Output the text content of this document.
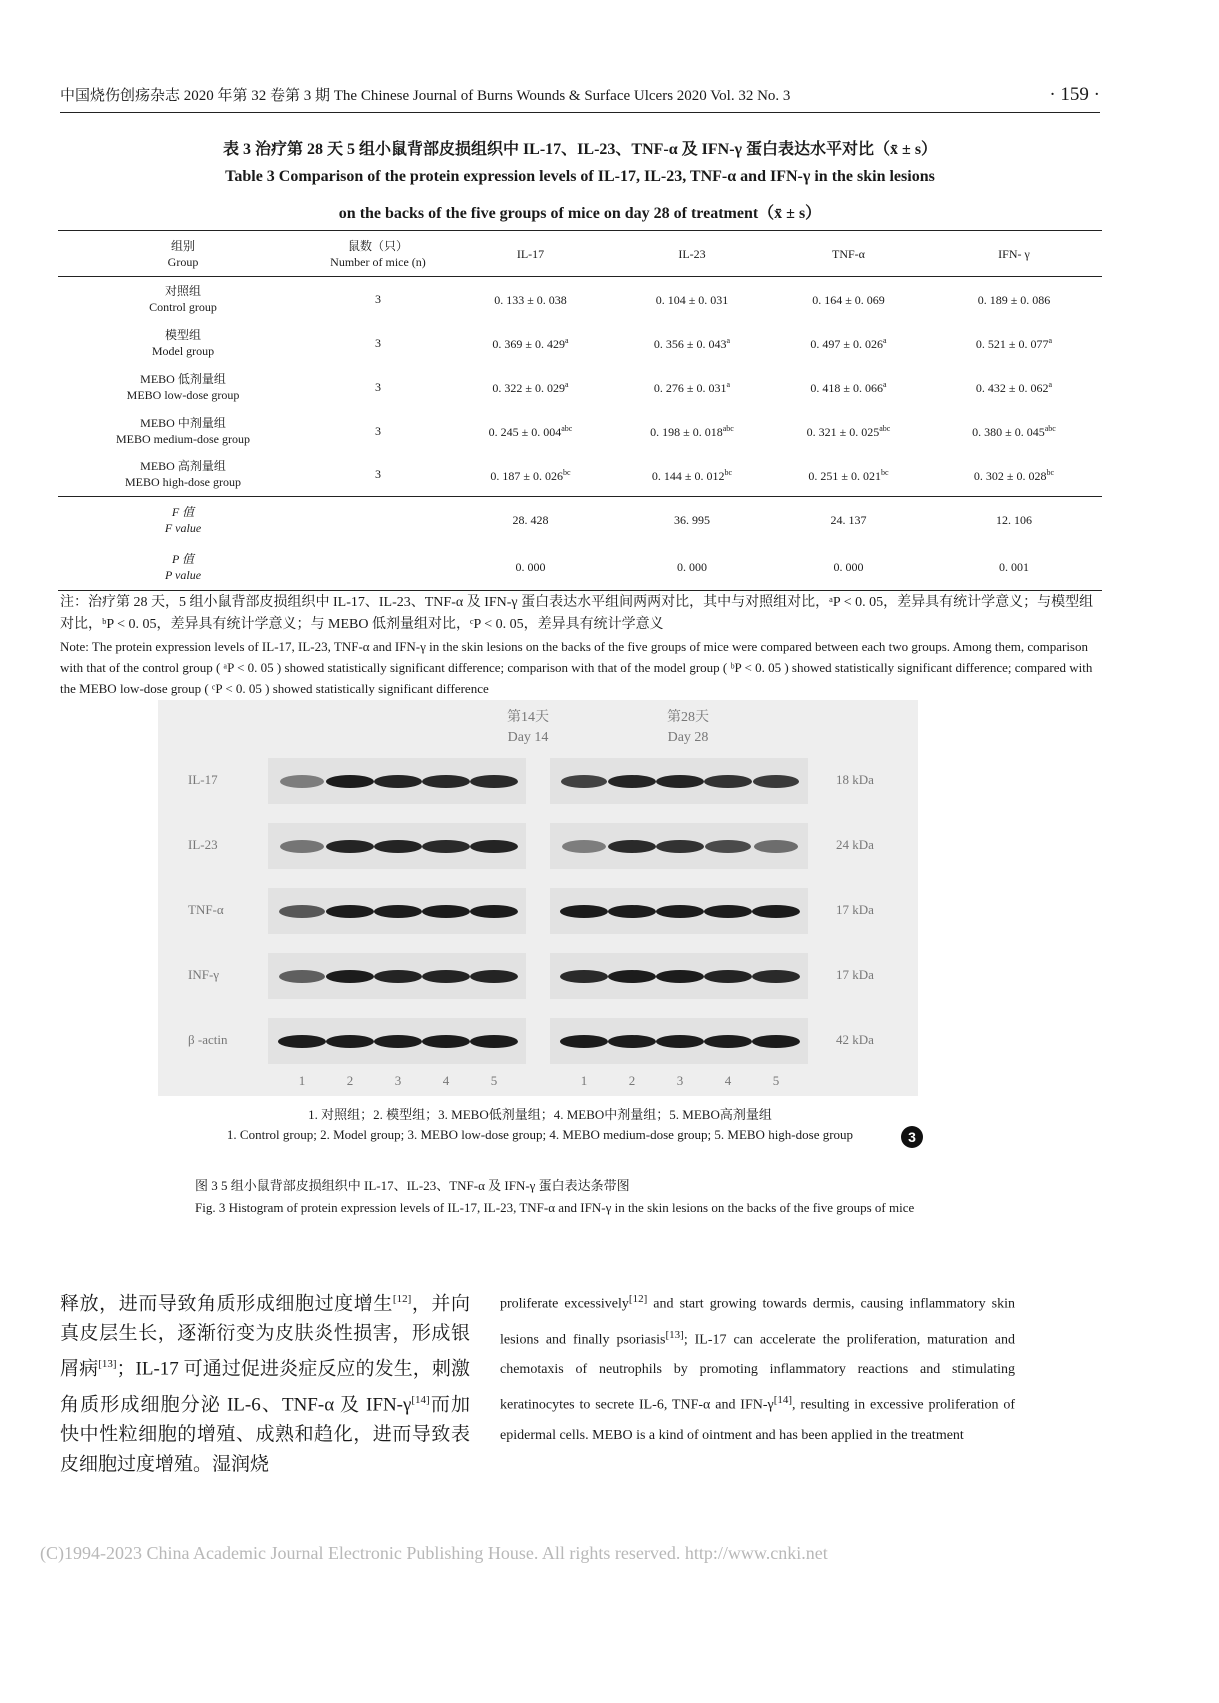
中国烧伤创疡杂志 2020 年第 32 卷第 3 期 The Chinese Journal of Burns Wounds & Surface Ulcers 2020 Vol. 32 No. 3	· 159 ·
表 3 治疗第 28 天 5 组小鼠背部皮损组织中 IL-17、IL-23、TNF-α 及 IFN-γ 蛋白表达水平对比（x̄ ± s）
Table 3 Comparison of the protein expression levels of IL-17, IL-23, TNF-α and IFN-γ in the skin lesions
on the backs of the five groups of mice on day 28 of treatment（x̄ ± s）
组别
Group	鼠数（只）
Number of mice (n)	IL-17	IL-23	TNF-α	IFN- γ
对照组
Control group	3	0. 133 ± 0. 038	0. 104 ± 0. 031	0. 164 ± 0. 069	0. 189 ± 0. 086
模型组
Model group	3	0. 369 ± 0. 429$^a$	0. 356 ± 0. 043$^a$	0. 497 ± 0. 026$^a$	0. 521 ± 0. 077$^a$
MEBO 低剂量组
MEBO low-dose group	3	0. 322 ± 0. 029$^a$	0. 276 ± 0. 031$^a$	0. 418 ± 0. 066$^a$	0. 432 ± 0. 062$^a$
MEBO 中剂量组
MEBO medium-dose group	3	0. 245 ± 0. $004^{abc}$	0. 198 ± 0. $018^{abc}$	0. 321 ± 0. $025^{abc}$	0. 380 ± 0. $045^{abc}$
MEBO 高剂量组
MEBO high-dose group	3	0. 187 ± 0. $026^{bc}$	0. 144 ± 0. $012^{bc}$	0. 251 ± 0. $021^{bc}$	0. 302 ± 0. $028^{bc}$
F 值
F value		28. 428	36. 995	24. 137	12. 106
P 值
P value		0. 000	0. 000	0. 000	0. 001
注：治疗第 28 天，5 组小鼠背部皮损组织中 IL-17、IL-23、TNF-α 及 IFN-γ 蛋白表达水平组间两两对比，其中与对照组对比，ᵃP < 0. 05，差异具有统计学意义；与模型组对比，ᵇP < 0. 05，差异具有统计学意义；与 MEBO 低剂量组对比，ᶜP < 0. 05，差异具有统计学意义
Note: The protein expression levels of IL-17, IL-23, TNF-α and IFN-γ in the skin lesions on the backs of the five groups of mice were compared between each two groups. Among them, comparison with that of the control group ( ᵃP < 0. 05 ) showed statistically significant difference; comparison with that of the model group ( ᵇP < 0. 05 ) showed statistically significant difference; compared with the MEBO low-dose group ( ᶜP < 0. 05 ) showed statistically significant difference
第14天
Day 14
第28天
Day 28
IL-17	18 kDa
IL-23	24 kDa
TNF-α	17 kDa
INF-γ	17 kDa
β -actin	42 kDa
1	2	3	4	5	1	2	3	4	5
1. 对照组；2. 模型组；3. MEBO低剂量组；4. MEBO中剂量组；5. MEBO高剂量组
1. Control group; 2. Model group; 3. MEBO low-dose group; 4. MEBO medium-dose group; 5. MEBO high-dose group	3
图 3 5 组小鼠背部皮损组织中 IL-17、IL-23、TNF-α 及 IFN-γ 蛋白表达条带图
Fig. 3 Histogram of protein expression levels of IL-17, IL-23, TNF-α and IFN-γ in the skin lesions on the backs of the five groups of mice
释放，进而导致角质形成细胞过度增生[12]，并向真皮层生长，逐渐衍变为皮肤炎性损害，形成银屑病[13]；IL-17 可通过促进炎症反应的发生，刺激角质形成细胞分泌 IL-6、TNF-α 及 IFN-γ[14]而加快中性粒细胞的增殖、成熟和趋化，进而导致表皮细胞过度增殖。湿润烧
proliferate excessively[12] and start growing towards dermis, causing inflammatory skin lesions and finally psoriasis[13]; IL-17 can accelerate the proliferation, maturation and chemotaxis of neutrophils by promoting inflammatory reactions and stimulating keratinocytes to secrete IL-6, TNF-α and IFN-γ[14], resulting in excessive proliferation of epidermal cells. MEBO is a kind of ointment and has been applied in the treatment
(C)1994-2023 China Academic Journal Electronic Publishing House. All rights reserved. http://www.cnki.net
